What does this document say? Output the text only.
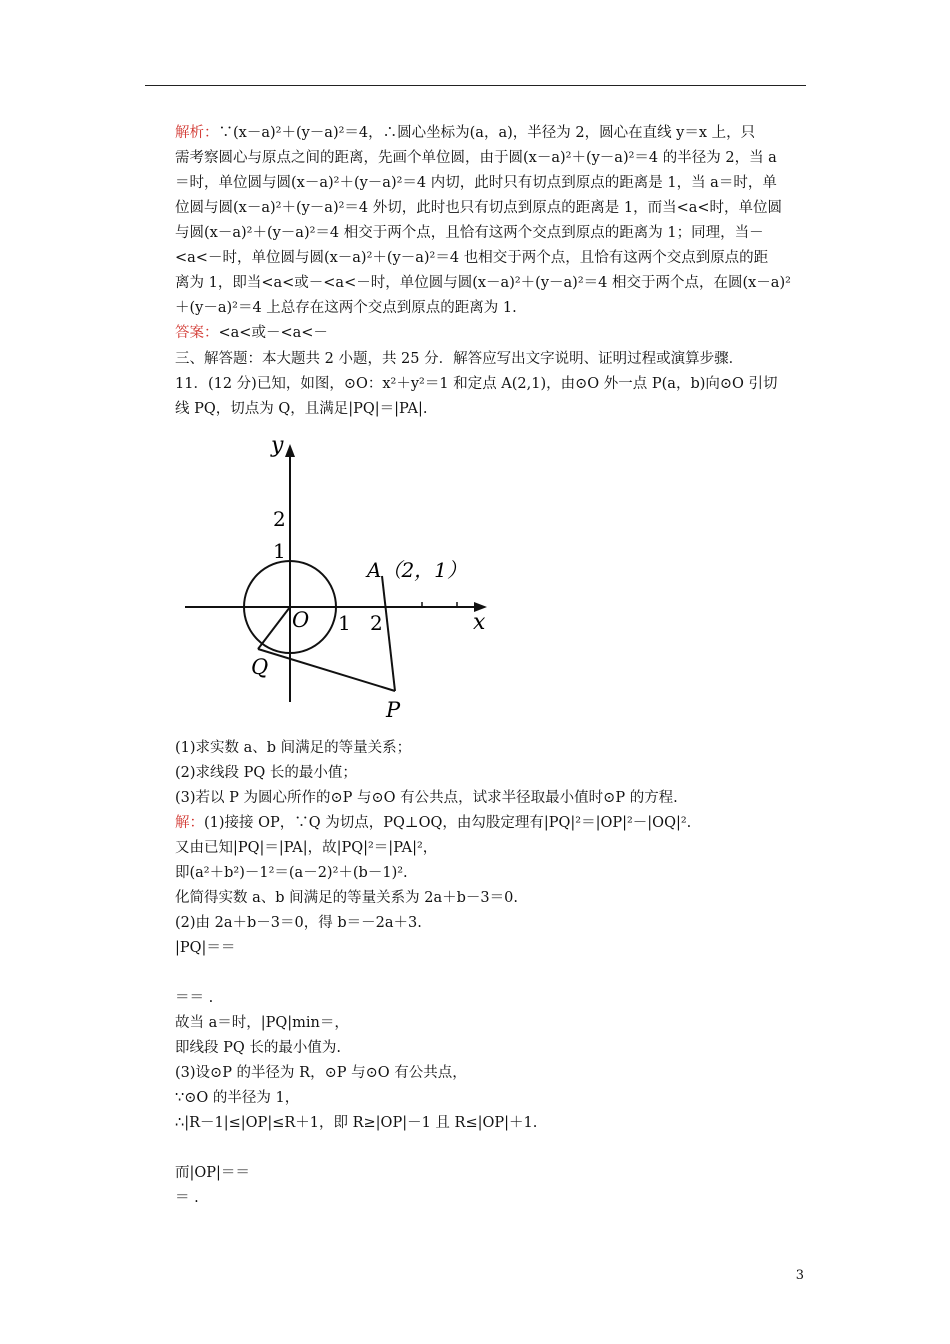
解析：∵(x－a)²＋(y－a)²＝4，∴圆心坐标为(a，a)，半径为 2，圆心在直线 y＝x 上，只
需考察圆心与原点之间的距离，先画个单位圆，由于圆(x－a)²＋(y－a)²＝4 的半径为 2，当 a
＝时，单位圆与圆(x－a)²＋(y－a)²＝4 内切，此时只有切点到原点的距离是 1，当 a＝时，单
位圆与圆(x－a)²＋(y－a)²＝4 外切，此时也只有切点到原点的距离是 1，而当<a<时，单位圆
与圆(x－a)²＋(y－a)²＝4 相交于两个点，且恰有这两个交点到原点的距离为 1；同理，当－
<a<－时，单位圆与圆(x－a)²＋(y－a)²＝4 也相交于两个点，且恰有这两个交点到原点的距
离为 1，即当<a<或－<a<－时，单位圆与圆(x－a)²＋(y－a)²＝4 相交于两个点，在圆(x－a)²
＋(y－a)²＝4 上总存在这两个交点到原点的距离为 1.
答案：<a<或－<a<－
三、解答题：本大题共 2 小题，共 25 分．解答应写出文字说明、证明过程或演算步骤．
11．(12 分)已知，如图，⊙O：x²＋y²＝1 和定点 A(2,1)，由⊙O 外一点 P(a，b)向⊙O 引切
线 PQ，切点为 Q，且满足|PQ|＝|PA|.
y
2
1
O 1 2	x
A（2，1）
Q
P
(1)求实数 a、b 间满足的等量关系；
(2)求线段 PQ 长的最小值；
(3)若以 P 为圆心所作的⊙P 与⊙O 有公共点，试求半径取最小值时⊙P 的方程.
解：(1)接接 OP，∵Q 为切点，PQ⊥OQ，由勾股定理有|PQ|²＝|OP|²－|OQ|².
又由已知|PQ|＝|PA|，故|PQ|²＝|PA|²，
即(a²＋b²)－1²＝(a－2)²＋(b－1)².
化简得实数 a、b 间满足的等量关系为 2a＋b－3＝0.
(2)由 2a＋b－3＝0，得 b＝－2a＋3.
|PQ|＝＝
＝＝ .
故当 a＝时，|PQ|min＝，
即线段 PQ 长的最小值为.
(3)设⊙P 的半径为 R，⊙P 与⊙O 有公共点，
∵⊙O 的半径为 1，
∴|R－1|≤|OP|≤R＋1，即 R≥|OP|－1 且 R≤|OP|＋1.
而|OP|＝＝
＝ .
3
